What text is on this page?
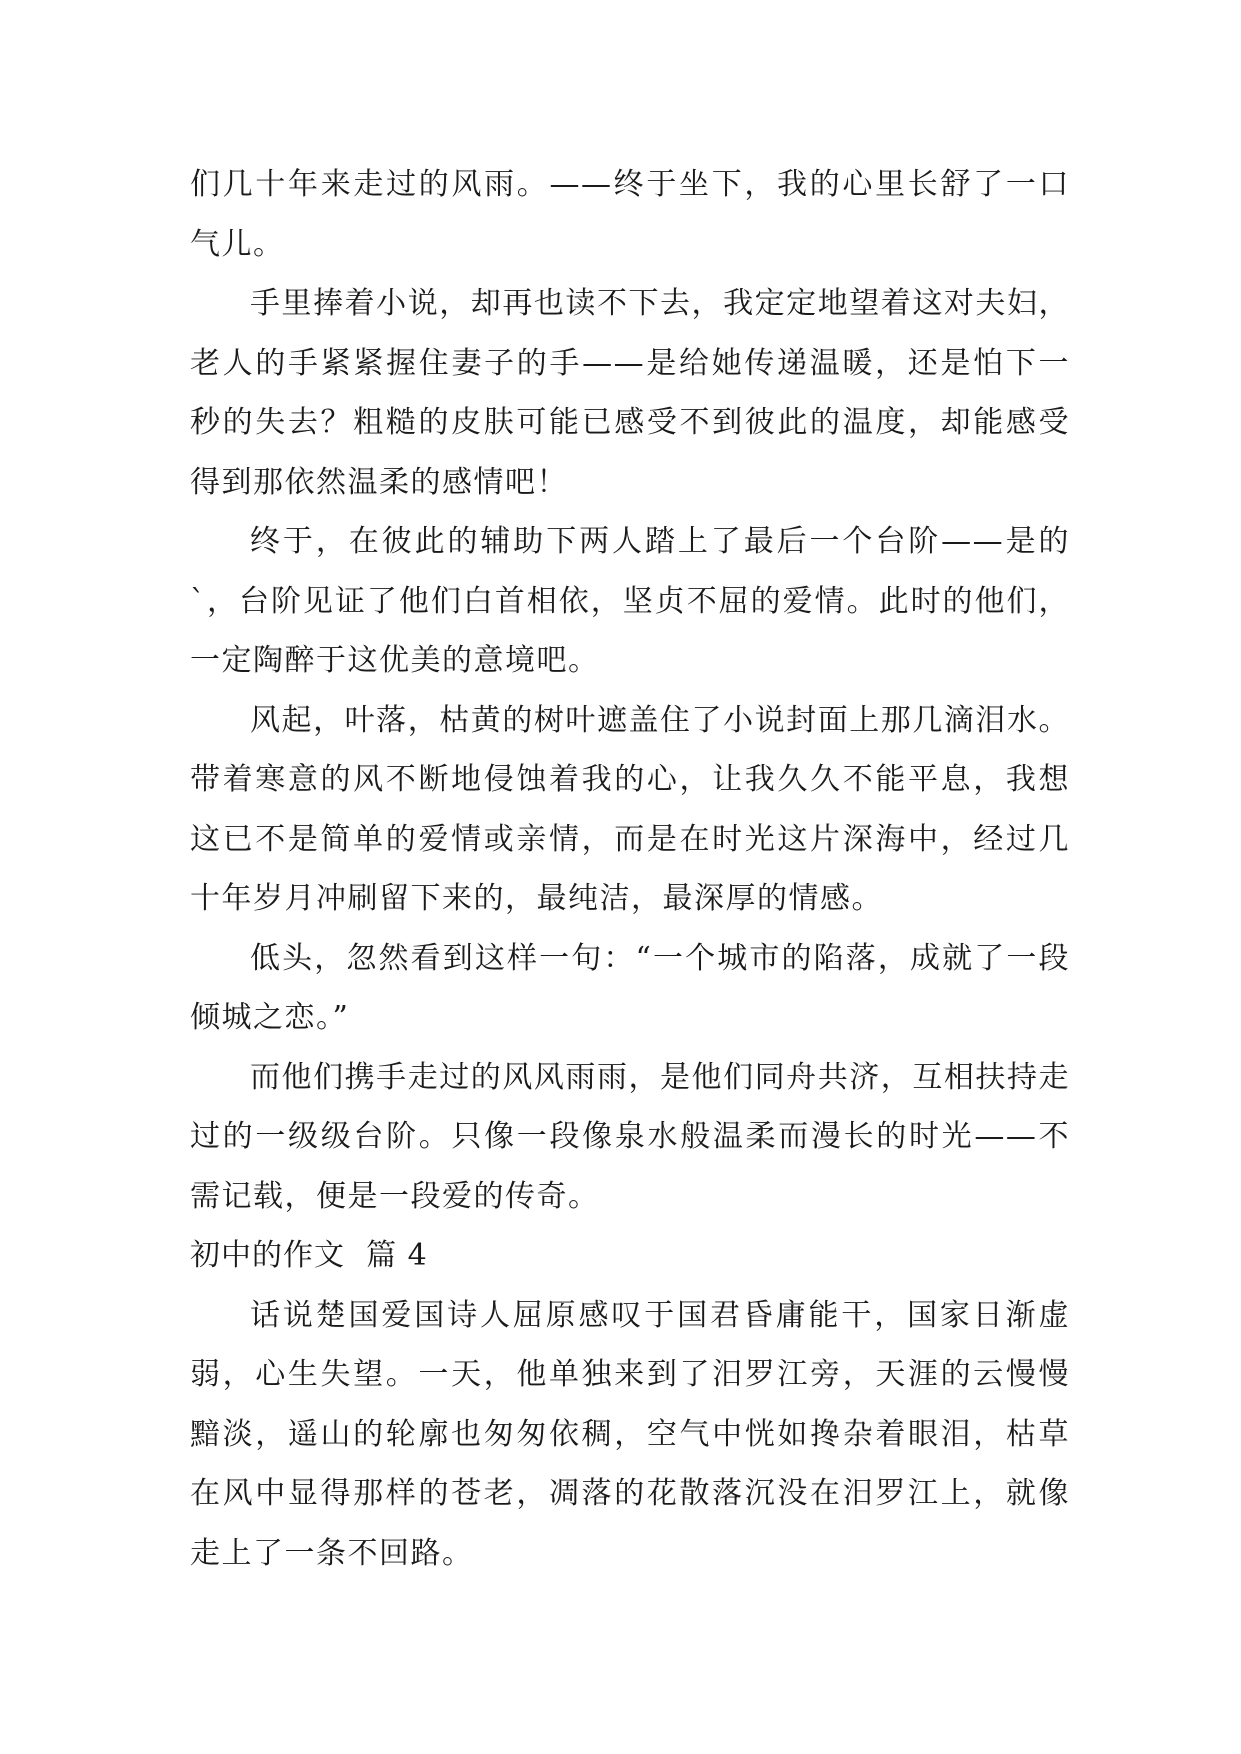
们几十年来走过的风雨。——终于坐下，我的心里长舒了一口气儿。

手里捧着小说，却再也读不下去，我定定地望着这对夫妇，老人的手紧紧握住妻子的手——是给她传递温暖，还是怕下一秒的失去？粗糙的皮肤可能已感受不到彼此的温度，却能感受得到那依然温柔的感情吧！

终于，在彼此的辅助下两人踏上了最后一个台阶——是的`，台阶见证了他们白首相依，坚贞不屈的爱情。此时的他们，一定陶醉于这优美的意境吧。

风起，叶落，枯黄的树叶遮盖住了小说封面上那几滴泪水。带着寒意的风不断地侵蚀着我的心，让我久久不能平息，我想这已不是简单的爱情或亲情，而是在时光这片深海中，经过几十年岁月冲刷留下来的，最纯洁，最深厚的情感。

低头，忽然看到这样一句：“一个城市的陷落，成就了一段倾城之恋。”

而他们携手走过的风风雨雨，是他们同舟共济，互相扶持走过的一级级台阶。只像一段像泉水般温柔而漫长的时光——不需记载，便是一段爱的传奇。

初中的作文  篇 4

话说楚国爱国诗人屈原感叹于国君昏庸能干，国家日渐虚弱，心生失望。一天，他单独来到了汨罗江旁，天涯的云慢慢黯淡，遥山的轮廓也匆匆依稠，空气中恍如搀杂着眼泪，枯草在风中显得那样的苍老，凋落的花散落沉没在汨罗江上，就像走上了一条不回路。
